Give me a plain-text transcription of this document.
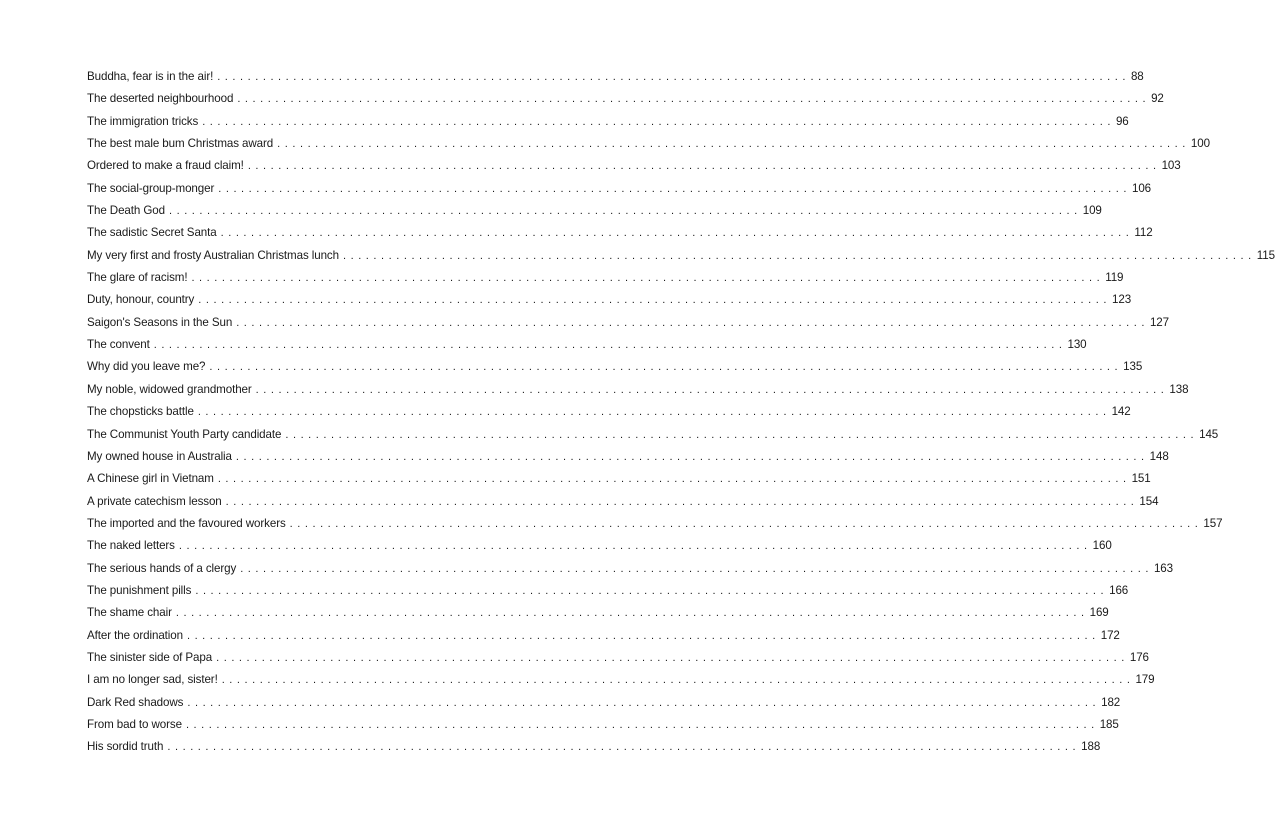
Buddha, fear is in the air! ........................................................................................................................ 88
The deserted neighbourhood ........................................................................................................................ 92
The immigration tricks ........................................................................................................................ 96
The best male bum Christmas award ........................................................................................................................ 100
Ordered to make a fraud claim! ........................................................................................................................ 103
The social-group-monger ........................................................................................................................ 106
The Death God ........................................................................................................................ 109
The sadistic Secret Santa ........................................................................................................................ 112
My very first and frosty Australian Christmas lunch ........................................................................................................................ 115
The glare of racism! ........................................................................................................................ 119
Duty, honour, country ........................................................................................................................ 123
Saigon's Seasons in the Sun ........................................................................................................................ 127
The convent ........................................................................................................................ 130
Why did you leave me? ........................................................................................................................ 135
My noble, widowed grandmother ........................................................................................................................ 138
The chopsticks battle ........................................................................................................................ 142
The Communist Youth Party candidate ........................................................................................................................ 145
My owned house in Australia ........................................................................................................................ 148
A Chinese girl in Vietnam ........................................................................................................................ 151
A private catechism lesson ........................................................................................................................ 154
The imported and the favoured workers ........................................................................................................................ 157
The naked letters ........................................................................................................................ 160
The serious hands of a clergy ........................................................................................................................ 163
The punishment pills ........................................................................................................................ 166
The shame chair ........................................................................................................................ 169
After the ordination ........................................................................................................................ 172
The sinister side of Papa ........................................................................................................................ 176
I am no longer sad, sister! ........................................................................................................................ 179
Dark Red shadows ........................................................................................................................ 182
From bad to worse ........................................................................................................................ 185
His sordid truth ........................................................................................................................ 188
